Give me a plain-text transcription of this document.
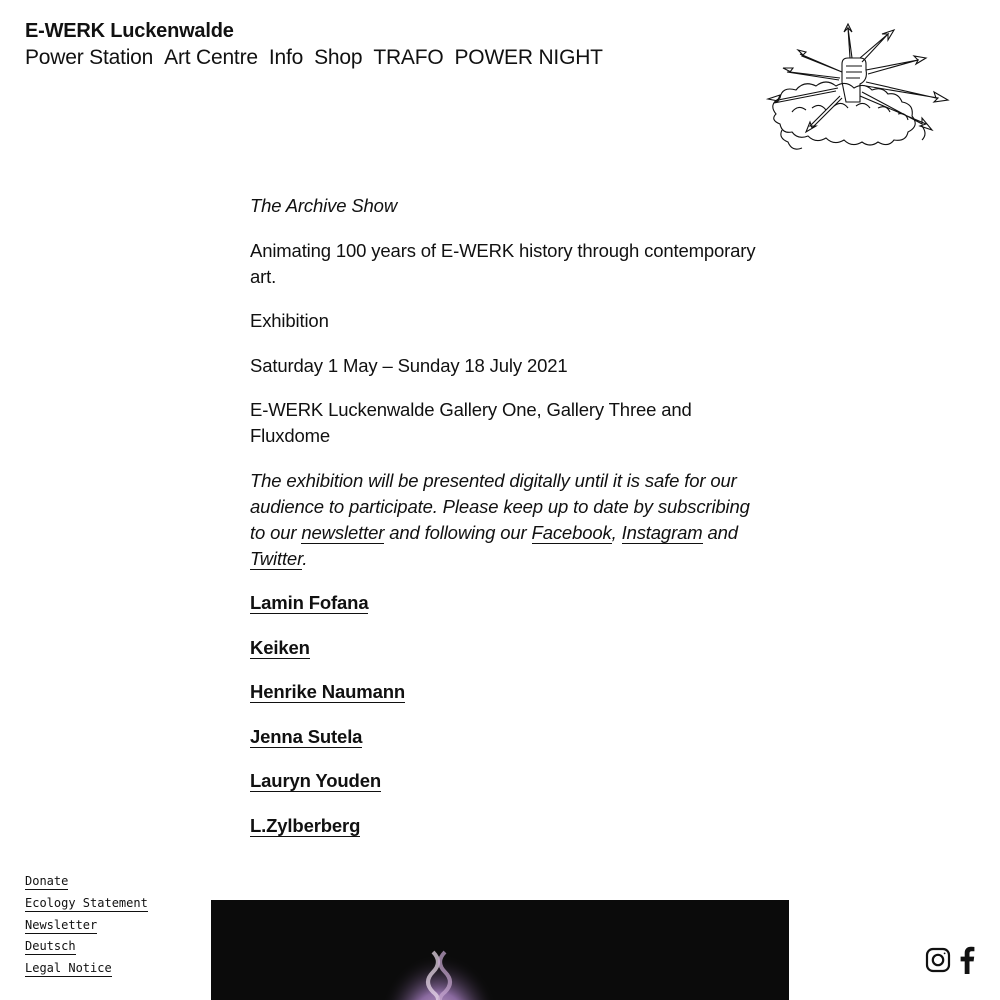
E-WERK Luckenwalde
Power Station Art Centre Info Shop TRAFO POWER NIGHT

The Archive Show

Animating 100 years of E-WERK history through contemporary art.

Exhibition

Saturday 1 May – Sunday 18 July 2021

E-WERK Luckenwalde Gallery One, Gallery Three and Fluxdome

The exhibition will be presented digitally until it is safe for our audience to participate. Please keep up to date by subscribing to our newsletter and following our Facebook, Instagram and Twitter.

Lamin Fofana

Keiken

Henrike Naumann

Jenna Sutela

Lauryn Youden

L.Zylberberg

Donate
Ecology Statement
Newsletter
Deutsch
Legal Notice
